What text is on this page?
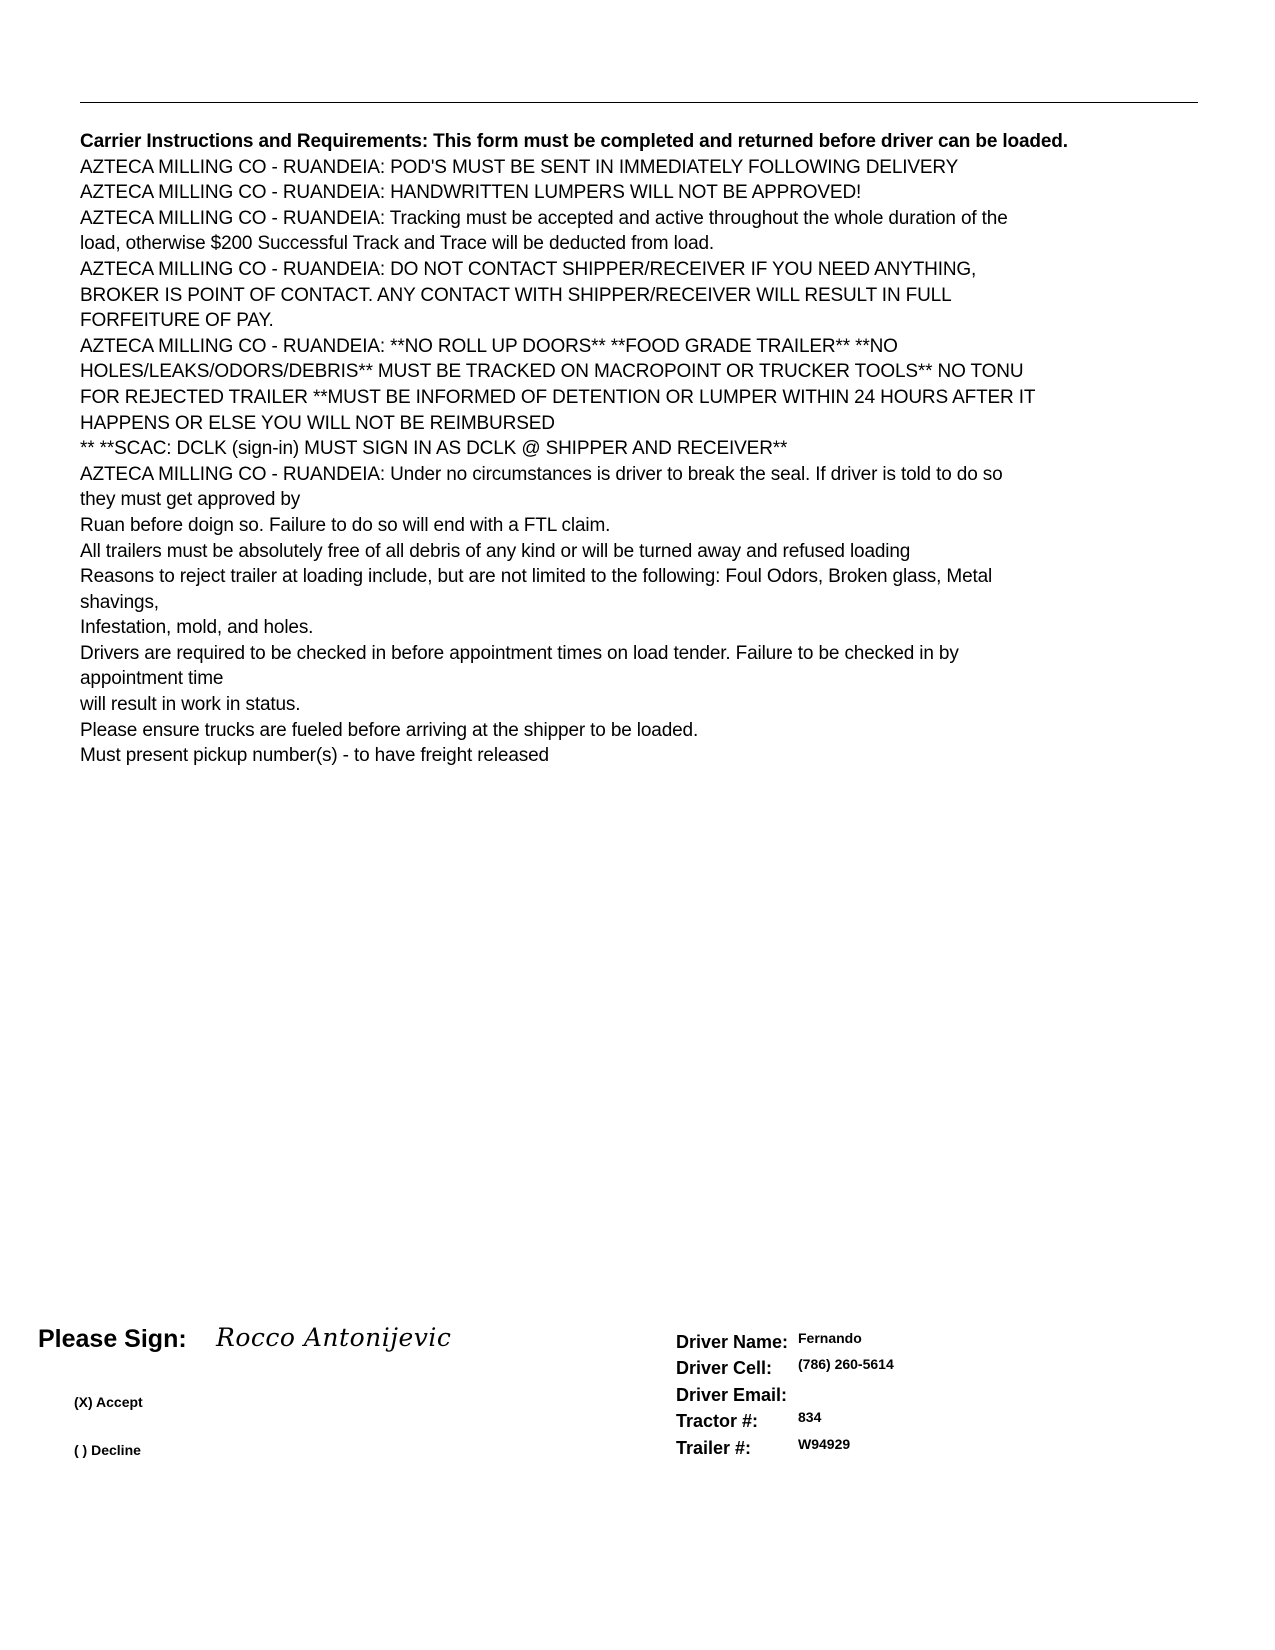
Carrier Instructions and Requirements: This form must be completed and returned before driver can be loaded.
AZTECA MILLING CO - RUANDEIA: POD'S MUST BE SENT IN IMMEDIATELY FOLLOWING DELIVERY
AZTECA MILLING CO - RUANDEIA: HANDWRITTEN LUMPERS WILL NOT BE APPROVED!
AZTECA MILLING CO - RUANDEIA: Tracking must be accepted and active throughout the whole duration of the
load, otherwise $200 Successful Track and Trace will be deducted from load.
AZTECA MILLING CO - RUANDEIA: DO NOT CONTACT SHIPPER/RECEIVER IF YOU NEED ANYTHING,
BROKER IS POINT OF CONTACT. ANY CONTACT WITH SHIPPER/RECEIVER WILL RESULT IN FULL
FORFEITURE OF PAY.
AZTECA MILLING CO - RUANDEIA: **NO ROLL UP DOORS** **FOOD GRADE TRAILER** **NO
HOLES/LEAKS/ODORS/DEBRIS** MUST BE TRACKED ON MACROPOINT OR TRUCKER TOOLS** NO TONU
FOR REJECTED TRAILER **MUST BE INFORMED OF DETENTION OR LUMPER WITHIN 24 HOURS AFTER IT
HAPPENS OR ELSE YOU WILL NOT BE REIMBURSED
** **SCAC: DCLK (sign-in) MUST SIGN IN AS DCLK @ SHIPPER AND RECEIVER**
AZTECA MILLING CO - RUANDEIA: Under no circumstances is driver to break the seal. If driver is told to do so
they must get approved by
Ruan before doign so. Failure to do so will end with a FTL claim.
All trailers must be absolutely free of all debris of any kind or will be turned away and refused loading
Reasons to reject trailer at loading include, but are not limited to the following: Foul Odors, Broken glass, Metal
shavings,
Infestation, mold, and holes.
Drivers are required to be checked in before appointment times on load tender. Failure to be checked in by
appointment time
will result in work in status.
Please ensure trucks are fueled before arriving at the shipper to be loaded.
Must present pickup number(s) - to have freight released
Please Sign: Rocco Antonijevic
(X) Accept
( ) Decline
Driver Name: Fernando
Driver Cell: (786) 260-5614
Driver Email:
Tractor #:	834
Trailer #:	W94929
